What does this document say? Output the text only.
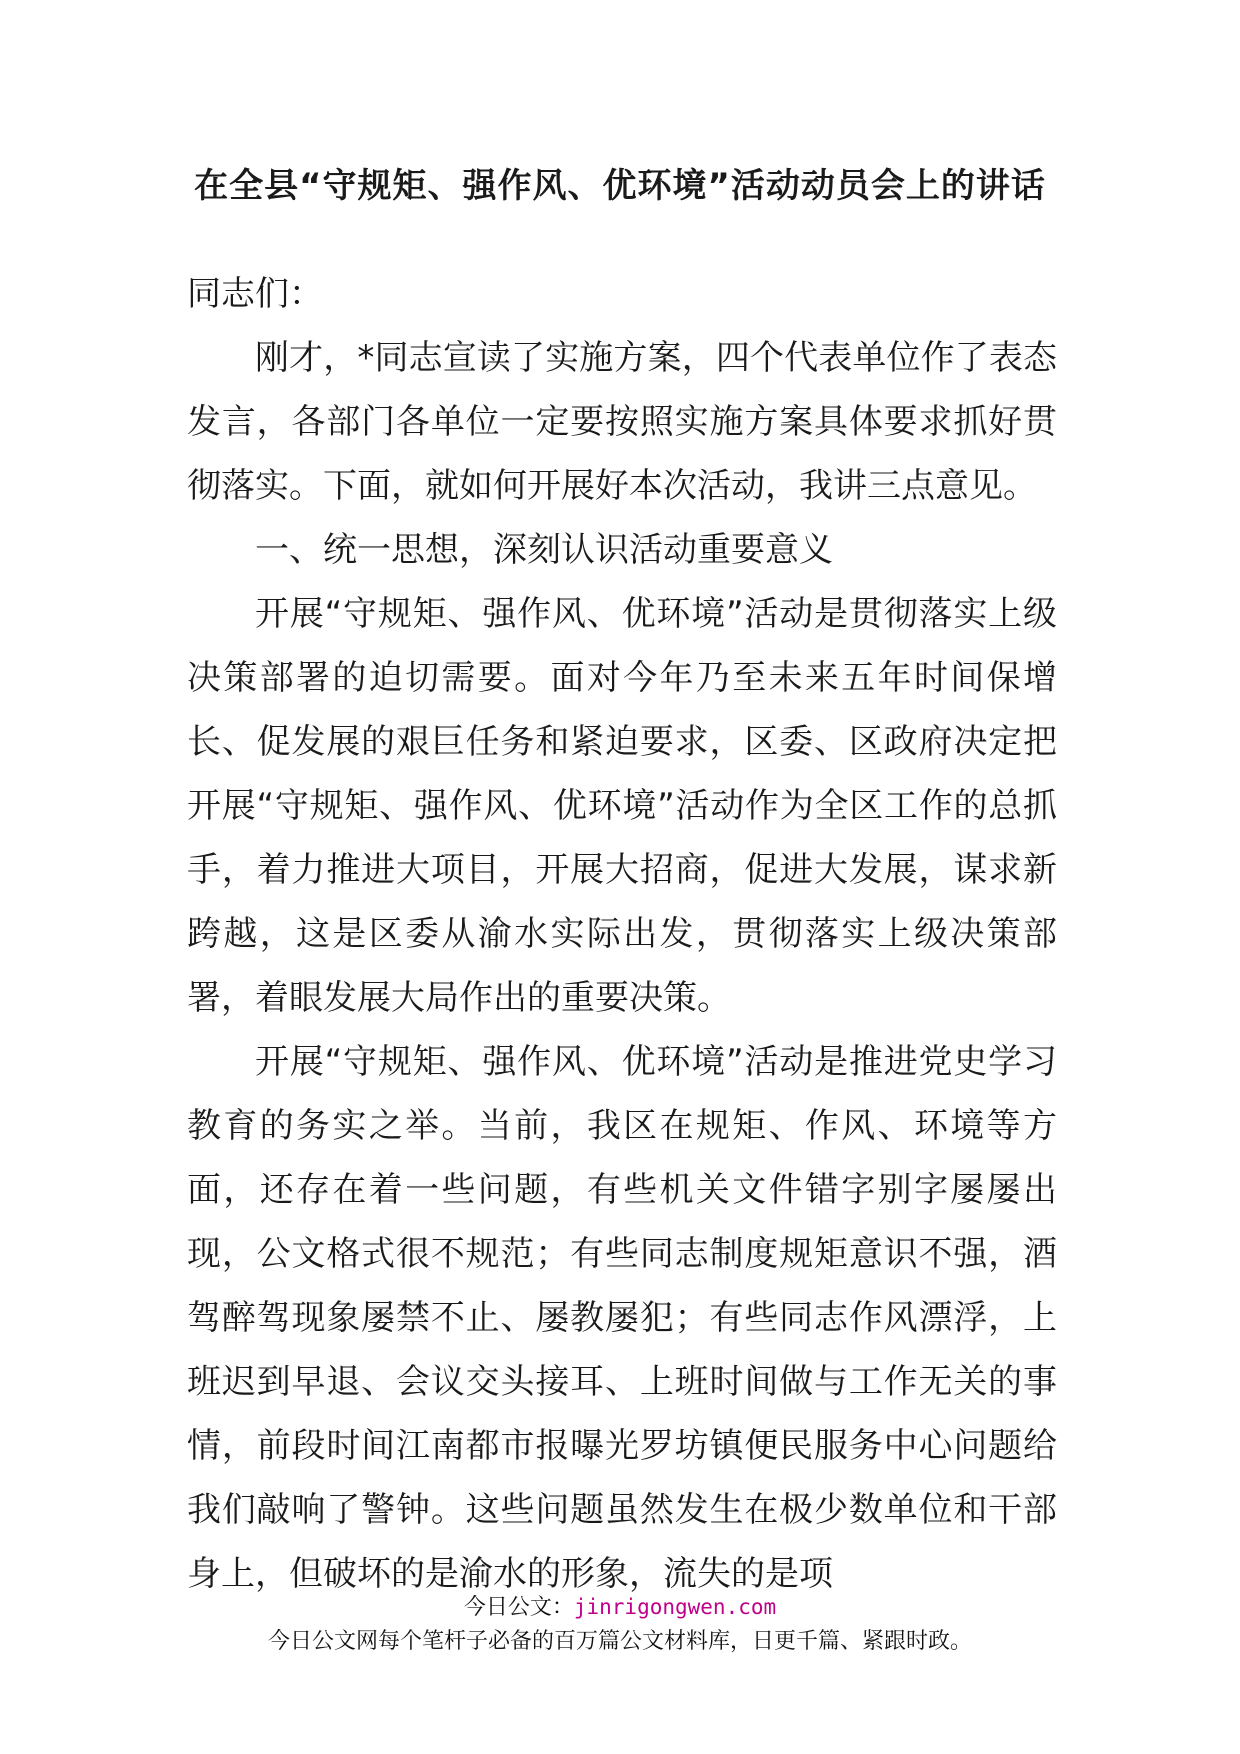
在全县“守规矩、强作风、优环境”活动动员会上的讲话

同志们：

刚才，*同志宣读了实施方案，四个代表单位作了表态发言，各部门各单位一定要按照实施方案具体要求抓好贯彻落实。下面，就如何开展好本次活动，我讲三点意见。

一、统一思想，深刻认识活动重要意义

开展“守规矩、强作风、优环境”活动是贯彻落实上级决策部署的迫切需要。面对今年乃至未来五年时间保增长、促发展的艰巨任务和紧迫要求，区委、区政府决定把开展“守规矩、强作风、优环境”活动作为全区工作的总抓手，着力推进大项目，开展大招商，促进大发展，谋求新跨越，这是区委从渝水实际出发，贯彻落实上级决策部署，着眼发展大局作出的重要决策。

开展“守规矩、强作风、优环境”活动是推进党史学习教育的务实之举。当前，我区在规矩、作风、环境等方面，还存在着一些问题，有些机关文件错字别字屡屡出现，公文格式很不规范；有些同志制度规矩意识不强，酒驾醉驾现象屡禁不止、屡教屡犯；有些同志作风漂浮，上班迟到早退、会议交头接耳、上班时间做与工作无关的事情，前段时间江南都市报曝光罗坊镇便民服务中心问题给我们敲响了警钟。这些问题虽然发生在极少数单位和干部身上，但破坏的是渝水的形象，流失的是项

今日公文：jinrigongwen.com
今日公文网每个笔杆子必备的百万篇公文材料库，日更千篇、紧跟时政。
